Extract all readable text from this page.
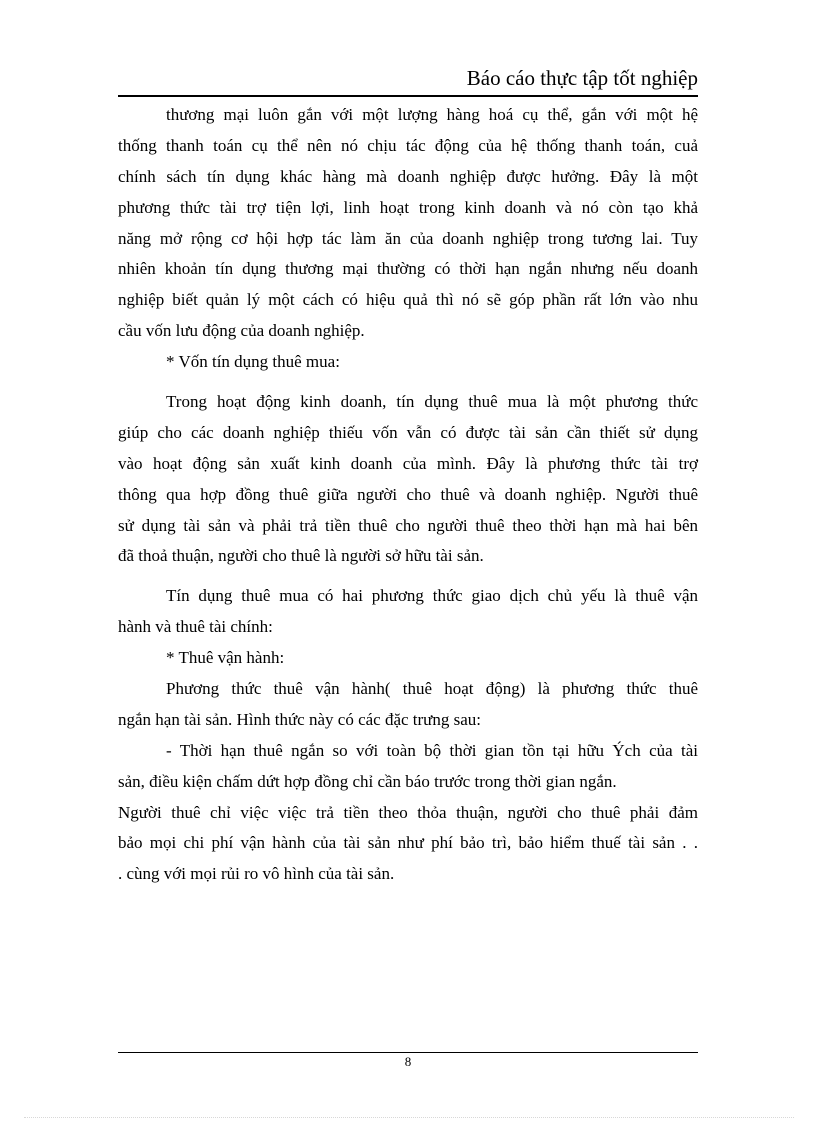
Báo cáo thực tập tốt nghiệp
thương mại luôn gắn với một lượng hàng hoá cụ thể, gắn với một hệ
thống thanh toán cụ thể nên nó chịu tác động của hệ thống thanh toán, cuả
chính sách tín dụng khác hàng mà doanh nghiệp được hưởng. Đây là một
phương thức tài trợ tiện lợi, linh hoạt trong kinh doanh và nó còn tạo khả
năng mở rộng cơ hội hợp tác làm ăn của doanh nghiệp trong tương lai. Tuy
nhiên khoản tín dụng thương mại thường có thời hạn ngắn nhưng nếu doanh
nghiệp biết quản lý một cách có hiệu quả thì nó sẽ góp phần rất lớn vào nhu
cầu vốn lưu động của doanh nghiệp.
* Vốn tín dụng thuê mua:
Trong hoạt động kinh doanh, tín dụng thuê mua là một phương thức
giúp cho các doanh nghiệp thiếu vốn vẫn có được tài sản cần thiết sử dụng
vào hoạt động sản xuất kinh doanh của mình. Đây là phương thức tài trợ
thông qua hợp đồng thuê giữa người cho thuê và doanh nghiệp. Người thuê
sử dụng tài sản và phải trả tiền thuê cho người thuê theo thời hạn mà hai bên
đã thoả thuận, người cho thuê là người sở hữu tài sản.
Tín dụng thuê mua có hai phương thức giao dịch chủ yếu là thuê vận
hành và thuê tài chính:
* Thuê vận hành:
Phương thức thuê vận hành( thuê hoạt động) là phương thức thuê
ngắn hạn tài sản. Hình thức này có các đặc trưng sau:
- Thời hạn thuê ngắn so với toàn bộ thời gian tồn tại hữu Ých của tài
sản, điều kiện chấm dứt hợp đồng chỉ cần báo trước trong thời gian ngắn.
Người thuê chỉ việc việc trả tiền theo thỏa thuận, người cho thuê phải đảm
bảo mọi chi phí vận hành của tài sản như phí bảo trì, bảo hiểm thuế tài sản . .
. cùng với mọi rủi ro vô hình của tài sản.
8
